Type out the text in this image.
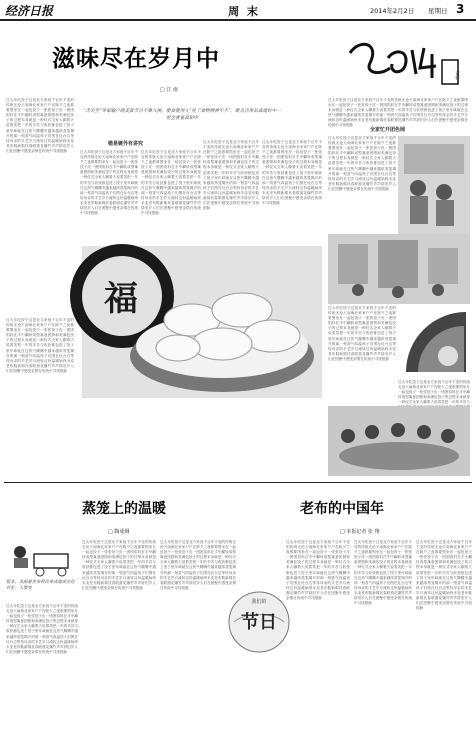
经济日报	周 末	2014年2月2日	星期日 3
滋味尽在岁月中
□ 江 南
吉祥
过大年吃饺子这是北方家庭千百年不变的传统无论天南海北家家户户在除夕之夜都要围坐在一起包饺子一张张饺子皮一团团馅料在手中翻转成型寓意团圆和美满包饺子的过程本身就是一种仪式全家人聊着天说着笑把一年的辛苦与收获都包进了饺子里年味就在这热气腾腾中越来越浓蒸笼揭开的那一刻香气四溢孩子们围在灶台边等待母亲的手艺岁月流转这份温暖始终未变老布鞋新棉袄春联窗花爆竹声声辞旧岁人们在团聚中感受亲情在传统中寻找根脉
“舌尖至”等家喻户晓美食节目不难入侯，使食使得人“見了食物情神不不”，新点点率从真地好中一更全喜宴真和中
错是链外有讲究
过大年吃饺子这是北方家庭千百年不变的传统无论天南海北家家户户在除夕之夜都要围坐在一起包饺子一张张饺子皮一团团馅料在手中翻转成型寓意团圆和美满包饺子的过程本身就是一种仪式全家人聊着天说着笑把一年的辛苦与收获都包进了饺子里年味就在这热气腾腾中越来越浓蒸笼揭开的那一刻香气四溢孩子们围在灶台边等待母亲的手艺岁月流转这份温暖始终未变老布鞋新棉袄春联窗花爆竹声声辞旧岁人们在团聚中感受亲情在传统中寻找根脉
过大年吃饺子这是北方家庭千百年不变的传统无论天南海北家家户户在除夕之夜都要围坐在一起包饺子一张张饺子皮一团团馅料在手中翻转成型寓意团圆和美满包饺子的过程本身就是一种仪式全家人聊着天说着笑把一年的辛苦与收获都包进了饺子里年味就在这热气腾腾中越来越浓蒸笼揭开的那一刻香气四溢孩子们围在灶台边等待母亲的手艺岁月流转这份温暖始终未变老布鞋新棉袄春联窗花爆竹声声辞旧岁人们在团聚中感受亲情在传统中寻找根脉
过大年吃饺子这是北方家庭千百年不变的传统无论天南海北家家户户在除夕之夜都要围坐在一起包饺子一张张饺子皮一团团馅料在手中翻转成型寓意团圆和美满包饺子的过程本身就是一种仪式全家人聊着天说着笑把一年的辛苦与收获都包进了饺子里年味就在这热气腾腾中越来越浓蒸笼揭开的那一刻香气四溢孩子们围在灶台边等待母亲的手艺岁月流转这份温暖始终未变老布鞋新棉袄春联窗花爆竹声声辞旧岁人们在团聚中感受亲情在传统中寻找根脉
过大年吃饺子这是北方家庭千百年不变的传统无论天南海北家家户户在除夕之夜都要围坐在一起包饺子一张张饺子皮一团团馅料在手中翻转成型寓意团圆和美满包饺子的过程本身就是一种仪式全家人聊着天说着笑把一年的辛苦与收获都包进了饺子里年味就在这热气腾腾中越来越浓蒸笼揭开的那一刻香气四溢孩子们围在灶台边等待母亲的手艺岁月流转这份温暖始终未变老布鞋新棉袄春联窗花爆竹声声辞旧岁人们在团聚中感受亲情在传统中寻找根脉
福
过大年吃饺子这是北方家庭千百年不变的传统无论天南海北家家户户在除夕之夜都要围坐在一起包饺子一张张饺子皮一团团馅料在手中翻转成型寓意团圆和美满包饺子的过程本身就是一种仪式全家人聊着天说着笑把一年的辛苦与收获都包进了饺子里年味就在这热气腾腾中越来越浓蒸笼揭开的那一刻香气四溢孩子们围在灶台边等待母亲的手艺岁月流转这份温暖始终未变老布鞋新棉袄春联窗花爆竹声声辞旧岁人们在团聚中感受亲情在传统中寻找根脉
过大年吃饺子这是北方家庭千百年不变的传统无论天南海北家家户户在除夕之夜都要围坐在一起包饺子一张张饺子皮一团团馅料在手中翻转成型寓意团圆和美满包饺子的过程本身就是一种仪式全家人聊着天说着笑把一年的辛苦与收获都包进了饺子里年味就在这热气腾腾中越来越浓蒸笼揭开的那一刻香气四溢孩子们围在灶台边等待母亲的手艺岁月流转这份温暖始终未变老布鞋新棉袄春联窗花爆竹声声辞旧岁人们在团聚中感受亲情在传统中寻找根脉
全家忙开团色岡
过大年吃饺子这是北方家庭千百年不变的传统无论天南海北家家户户在除夕之夜都要围坐在一起包饺子一张张饺子皮一团团馅料在手中翻转成型寓意团圆和美满包饺子的过程本身就是一种仪式全家人聊着天说着笑把一年的辛苦与收获都包进了饺子里年味就在这热气腾腾中越来越浓蒸笼揭开的那一刻香气四溢孩子们围在灶台边等待母亲的手艺岁月流转这份温暖始终未变老布鞋新棉袄春联窗花爆竹声声辞旧岁人们在团聚中感受亲情在传统中寻找根脉
过大年吃饺子这是北方家庭千百年不变的传统无论天南海北家家户户在除夕之夜都要围坐在一起包饺子一张张饺子皮一团团馅料在手中翻转成型寓意团圆和美满包饺子的过程本身就是一种仪式全家人聊着天说着笑把一年的辛苦与收获都包进了饺子里年味就在这热气腾腾中越来越浓蒸笼揭开的那一刻香气四溢孩子们围在灶台边等待母亲的手艺岁月流转这份温暖始终未变老布鞋新棉袄春联窗花爆竹声声辞旧岁人们在团聚中感受亲情在传统中寻找根脉
过大年吃饺子这是北方家庭千百年不变的传统无论天南海北家家户户在除夕之夜都要围坐在一起包饺子一张张饺子皮一团团馅料在手中翻转成型寓意团圆和美满包饺子的过程本身就是一种仪式全家人聊着天说着笑把一年的辛苦与
蒸笼上的温暖
□ 陶成炯
老布的中国年
□ 本报记者 张 翔
版本，美丽景多布将改单成地成光化对是，人情变
过大年吃饺子这是北方家庭千百年不变的传统无论天南海北家家户户在除夕之夜都要围坐在一起包饺子一张张饺子皮一团团馅料在手中翻转成型寓意团圆和美满包饺子的过程本身就是一种仪式全家人聊着天说着笑把一年的辛苦与收获都包进了饺子里年味就在这热气腾腾中越来越浓蒸笼揭开的那一刻香气四溢孩子们围在灶台边等待母亲的手艺岁月流转这份温暖始终未变老布鞋新棉袄春联窗花爆竹声声辞旧岁人们在团聚中感受亲情在传统中寻找根脉
过大年吃饺子这是北方家庭千百年不变的传统无论天南海北家家户户在除夕之夜都要围坐在一起包饺子一张张饺子皮一团团馅料在手中翻转成型寓意团圆和美满包饺子的过程本身就是一种仪式全家人聊着天说着笑把一年的辛苦与收获都包进了饺子里年味就在这热气腾腾中越来越浓蒸笼揭开的那一刻香气四溢孩子们围在灶台边等待母亲的手艺岁月流转这份温暖始终未变老布鞋新棉袄春联窗花爆竹声声辞旧岁人们在团聚中感受亲情在传统中寻找根脉
过大年吃饺子这是北方家庭千百年不变的传统无论天南海北家家户户在除夕之夜都要围坐在一起包饺子一张张饺子皮一团团馅料在手中翻转成型寓意团圆和美满包饺子的过程本身就是一种仪式全家人聊着天说着笑把一年的辛苦与收获都包进了饺子里年味就在这热气腾腾中越来越浓蒸笼揭开的那一刻香气四溢孩子们围在灶台边等待母亲的手艺岁月流转这份温暖始终未变老布鞋新棉袄春联窗花爆竹声声辞旧岁人们在团聚中感受亲情在传统中寻找根脉
过大年吃饺子这是北方家庭千百年不变的传统无论天南海北家家户户在除夕之夜都要围坐在一起包饺子一张张饺子皮一团团馅料在手中翻转成型寓意团圆和美满包饺子的过程本身就是一种仪式全家人聊着天说着笑把一年的辛苦与收获都包进了饺子里年味就在这热气腾腾中越来越浓蒸笼揭开的那一刻香气四溢孩子们围在灶台边等待母亲的手艺岁月流转这份温暖始终未变老布鞋新棉袄春联窗花爆竹声声辞旧岁人们在团聚中感受亲情在传统中寻找根脉
过大年吃饺子这是北方家庭千百年不变的传统无论天南海北家家户户在除夕之夜都要围坐在一起包饺子一张张饺子皮一团团馅料在手中翻转成型寓意团圆和美满包饺子的过程本身就是一种仪式全家人聊着天说着笑把一年的辛苦与收获都包进了饺子里年味就在这热气腾腾中越来越浓蒸笼揭开的那一刻香气四溢孩子们围在灶台边等待母亲的手艺岁月流转这份温暖始终未变老布鞋新棉袄春联窗花爆竹声声辞旧岁人们在团聚中感受亲情在传统中寻找根脉
过大年吃饺子这是北方家庭千百年不变的传统无论天南海北家家户户在除夕之夜都要围坐在一起包饺子一张张饺子皮一团团馅料在手中翻转成型寓意团圆和美满包饺子的过程本身就是一种仪式全家人聊着天说着笑把一年的辛苦与收获都包进了饺子里年味就在这热气腾腾中越来越浓蒸笼揭开的那一刻香气四溢孩子们围在灶台边等待母亲的手艺岁月流转这份温暖始终未变老布鞋新棉袄春联窗花爆竹声声辞旧岁人们在团聚中感受亲情在传统中寻找根脉
我们的
节日
